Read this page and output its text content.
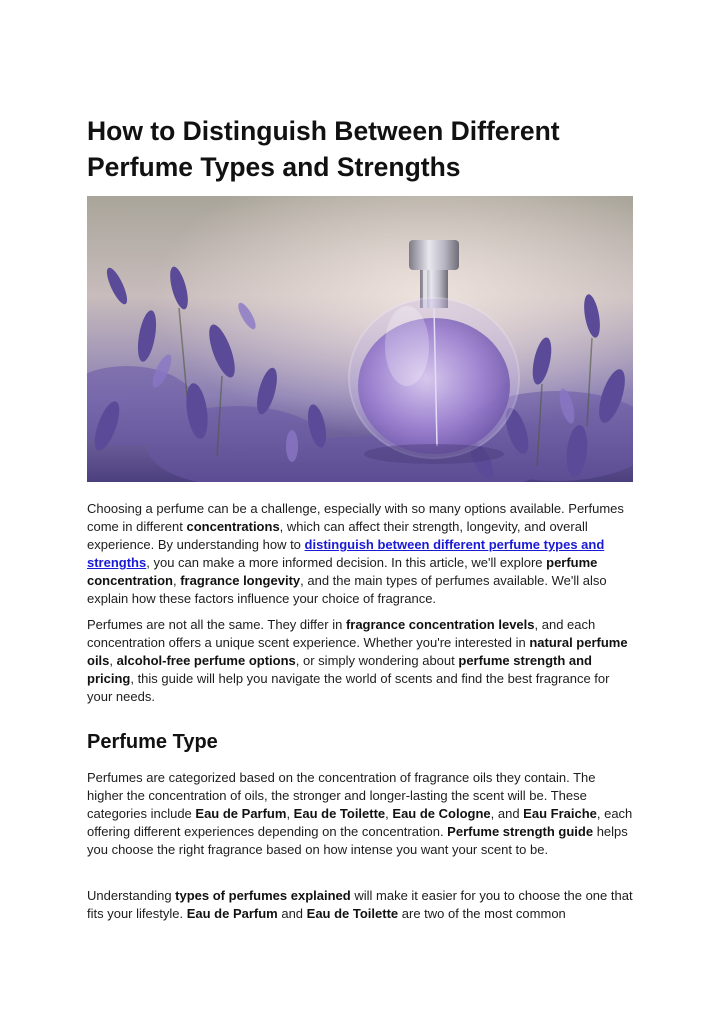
How to Distinguish Between Different Perfume Types and Strengths

Choosing a perfume can be a challenge, especially with so many options available. Perfumes come in different concentrations, which can affect their strength, longevity, and overall experience. By understanding how to distinguish between different perfume types and strengths, you can make a more informed decision. In this article, we'll explore perfume concentration, fragrance longevity, and the main types of perfumes available. We'll also explain how these factors influence your choice of fragrance.

Perfumes are not all the same. They differ in fragrance concentration levels, and each concentration offers a unique scent experience. Whether you're interested in natural perfume oils, alcohol-free perfume options, or simply wondering about perfume strength and pricing, this guide will help you navigate the world of scents and find the best fragrance for your needs.

Perfume Type

Perfumes are categorized based on the concentration of fragrance oils they contain. The higher the concentration of oils, the stronger and longer-lasting the scent will be. These categories include Eau de Parfum, Eau de Toilette, Eau de Cologne, and Eau Fraiche, each offering different experiences depending on the concentration. Perfume strength guide helps you choose the right fragrance based on how intense you want your scent to be.

Understanding types of perfumes explained will make it easier for you to choose the one that fits your lifestyle. Eau de Parfum and Eau de Toilette are two of the most common
